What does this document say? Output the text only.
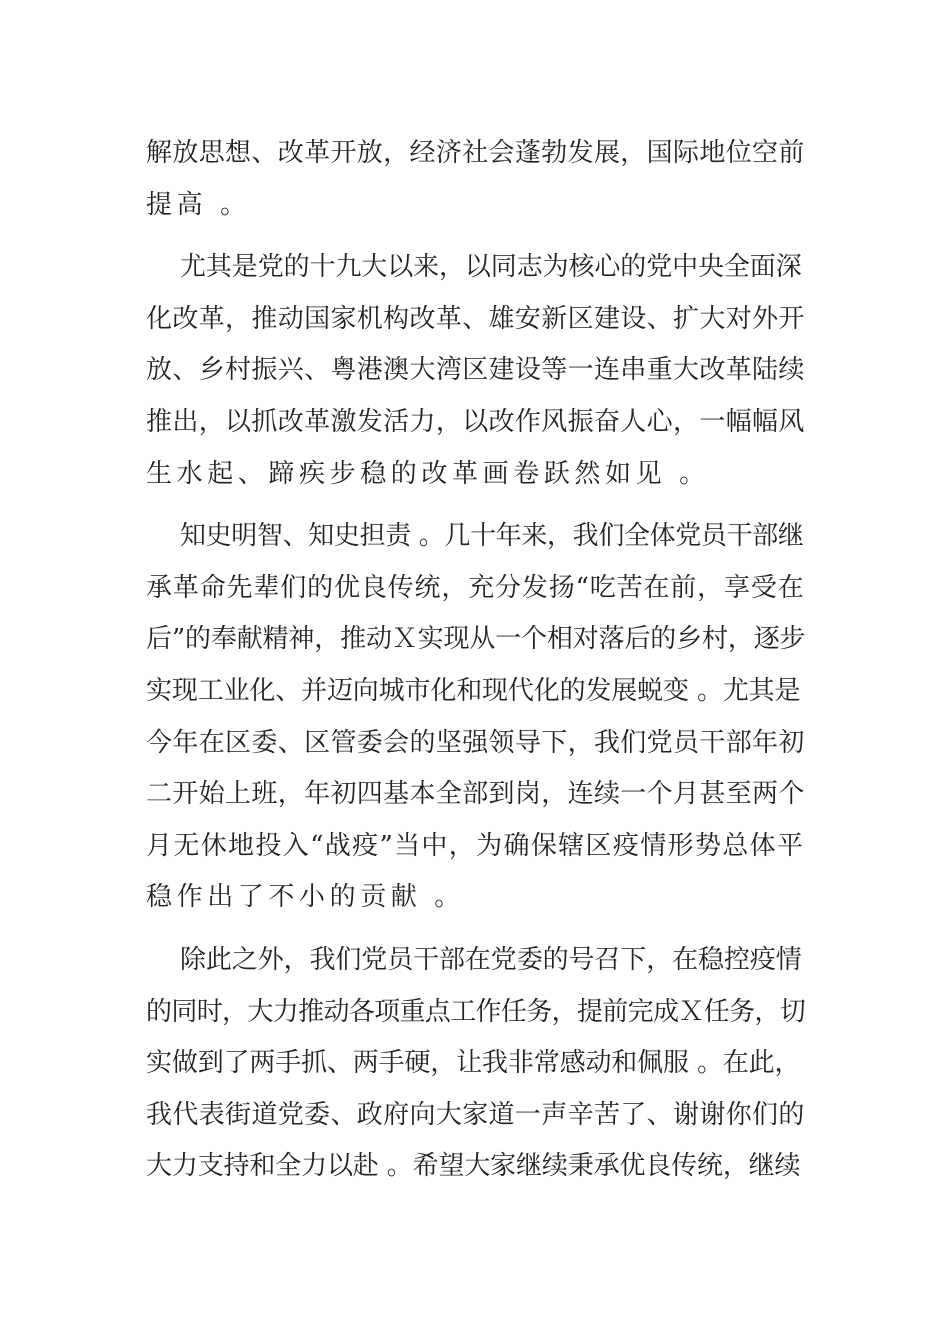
解放思想、改革开放，经济社会蓬勃发展，国际地位空前
提高 。
尤其是党的十九大以来，以同志为核心的党中央全面深
化改革，推动国家机构改革、雄安新区建设、扩大对外开
放、乡村振兴、粤港澳大湾区建设等一连串重大改革陆续
推出，以抓改革激发活力，以改作风振奋人心，一幅幅风
生水起、蹄疾步稳的改革画卷跃然如见 。
知史明智、知史担责 。几十年来，我们全体党员干部继
承革命先辈们的优良传统，充分发扬“吃苦在前，享受在
后”的奉献精神，推动Ｘ实现从一个相对落后的乡村，逐步
实现工业化、并迈向城市化和现代化的发展蜕变 。尤其是
今年在区委、区管委会的坚强领导下，我们党员干部年初
二开始上班，年初四基本全部到岗，连续一个月甚至两个
月无休地投入“战疫”当中，为确保辖区疫情形势总体平
稳作出了不小的贡献 。
除此之外，我们党员干部在党委的号召下，在稳控疫情
的同时，大力推动各项重点工作任务，提前完成Ｘ任务，切
实做到了两手抓、两手硬，让我非常感动和佩服 。在此，
我代表街道党委、政府向大家道一声辛苦了、谢谢你们的
大力支持和全力以赴 。希望大家继续秉承优良传统，继续
